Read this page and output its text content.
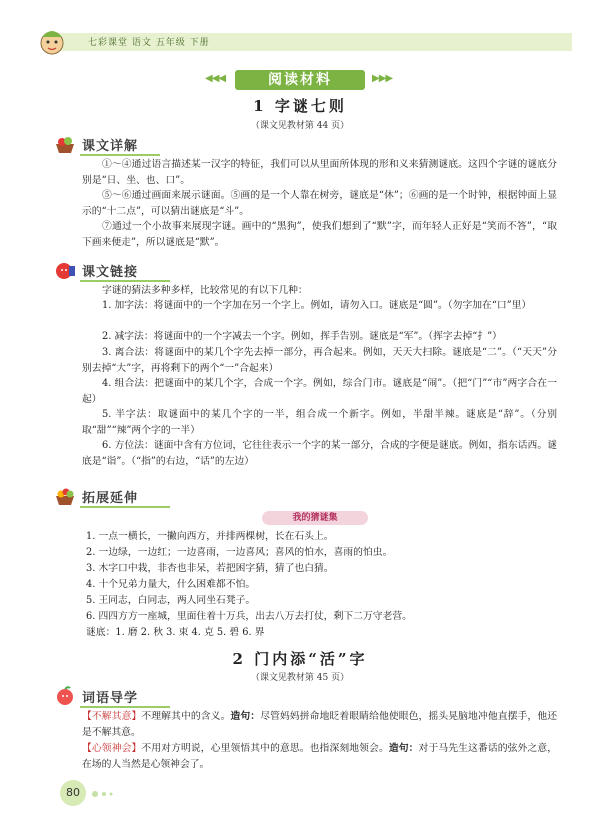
七彩课堂 语文 五年级 下册
◀◀◀	阅读材料	▶▶▶
1 字谜七则
（课文见教材第 44 页）
课文详解
①～④通过语言描述某一汉字的特征，我们可以从里面所体现的形和义来猜测谜底。这四个字谜的谜底分别是“日、坐、也、口”。
⑤～⑥通过画面来展示谜面。⑤画的是一个人靠在树旁，谜底是“休”；⑥画的是一个时钟，根据钟面上显示的“十二点”，可以猜出谜底是“斗”。
⑦通过一个小故事来展现字谜。画中的“黑狗”，使我们想到了“默”字，而年轻人正好是“笑而不答”，“取下画来便走”，所以谜底是“默”。
课文链接
字谜的猜法多种多样，比较常见的有以下几种：
1. 加字法：将谜面中的一个字加在另一个字上。例如，请勿入口。谜底是“圆”。（勿字加在“口”里）
2. 减字法：将谜面中的一个字减去一个字。例如，挥手告别。谜底是“军”。（挥字去掉“扌”）
3. 离合法：将谜面中的某几个字先去掉一部分，再合起来。例如，天天大扫除。谜底是“二”。（“天天”分别去掉“大”字，再将剩下的两个“一”合起来）
4. 组合法：把谜面中的某几个字，合成一个字。例如，综合门市。谜底是“闹”。（把“门”“市”两字合在一起）
5. 半字法：取谜面中的某几个字的一半，组合成一个新字。例如，半甜半辣。谜底是“辞”。（分别取“甜”“辣”两个字的一半）
6. 方位法：谜面中含有方位词，它往往表示一个字的某一部分，合成的字便是谜底。例如，指东话西。谜底是“诣”。（“指”的右边，“话”的左边）
拓展延伸
我的猜谜集
1. 一点一横长，一撇向西方，并排两棵树，长在石头上。
2. 一边绿，一边红；一边喜雨，一边喜风；喜风的怕水，喜雨的怕虫。
3. 木字口中栽，非杏也非呆，若把困字猜，猜了也白猜。
4. 十个兄弟力量大，什么困难都不怕。
5. 王同志，白同志，两人同坐石凳子。
6. 四四方方一座城，里面住着十万兵，出去八万去打仗，剩下二万守老营。
谜底：1. 磨 2. 秋 3. 束 4. 克 5. 碧 6. 界
2 门内添“活”字
（课文见教材第 45 页）
词语导学
【不解其意】不理解其中的含义。造句：尽管妈妈拼命地眨着眼睛给他使眼色，摇头晃脑地冲他直摆手，他还是不解其意。
【心领神会】不用对方明说，心里领悟其中的意思。也指深刻地领会。造句：对于马先生这番话的弦外之意，在场的人当然是心领神会了。
80
